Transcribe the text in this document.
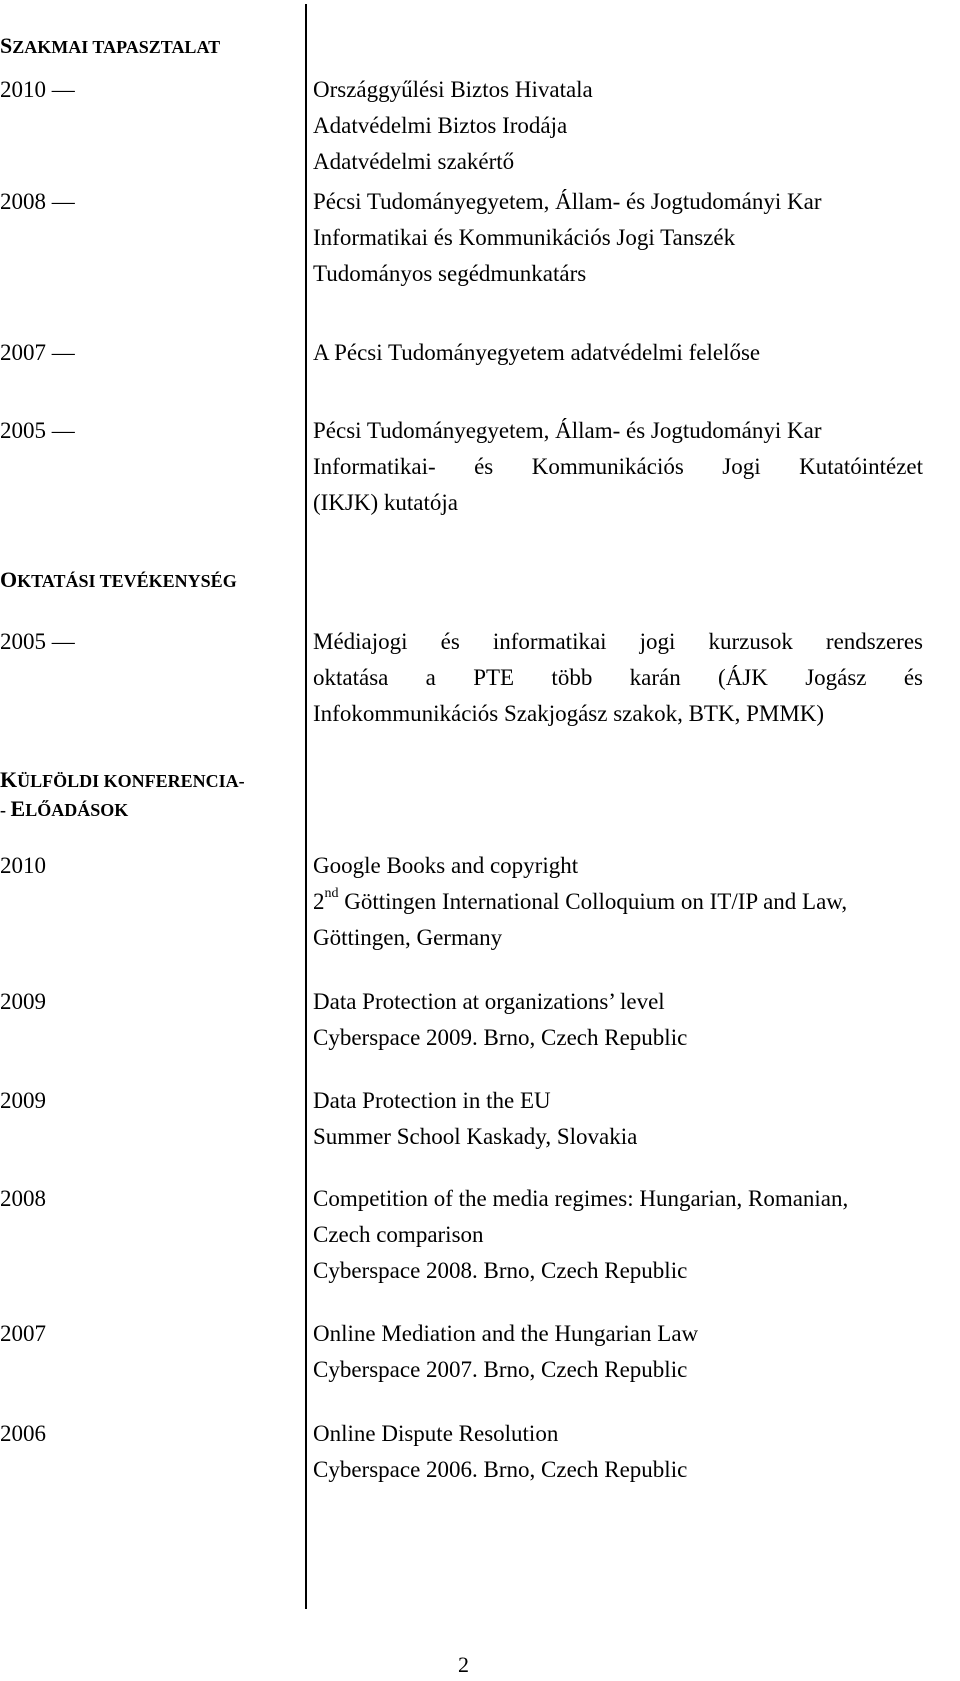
SZAKMAI TAPASZTALAT
2010 —	Országgyűlési Biztos Hivatala
Adatvédelmi Biztos Irodája
Adatvédelmi szakértő
2008 —	Pécsi Tudományegyetem, Állam- és Jogtudományi Kar
Informatikai és Kommunikációs Jogi Tanszék
Tudományos segédmunkatárs
2007 —	A Pécsi Tudományegyetem adatvédelmi felelőse
2005 —	Pécsi Tudományegyetem, Állam- és Jogtudományi Kar
Informatikai- és Kommunikációs Jogi Kutatóintézet
(IKJK) kutatója
OKTATÁSI TEVÉKENYSÉG
2005 —	Médiajogi és informatikai jogi kurzusok rendszeres
oktatása a PTE több karán (ÁJK Jogász és
Infokommunikációs Szakjogász szakok, BTK, PMMK)
KÜLFÖLDI KONFERENCIA-
- ELŐADÁSOK
2010	Google Books and copyright
2nd Göttingen International Colloquium on IT/IP and Law,
Göttingen, Germany
2009	Data Protection at organizations’ level
Cyberspace 2009. Brno, Czech Republic
2009	Data Protection in the EU
Summer School Kaskady, Slovakia
2008	Competition of the media regimes: Hungarian, Romanian,
Czech comparison
Cyberspace 2008. Brno, Czech Republic
2007	Online Mediation and the Hungarian Law
Cyberspace 2007. Brno, Czech Republic
2006	Online Dispute Resolution
Cyberspace 2006. Brno, Czech Republic
2
